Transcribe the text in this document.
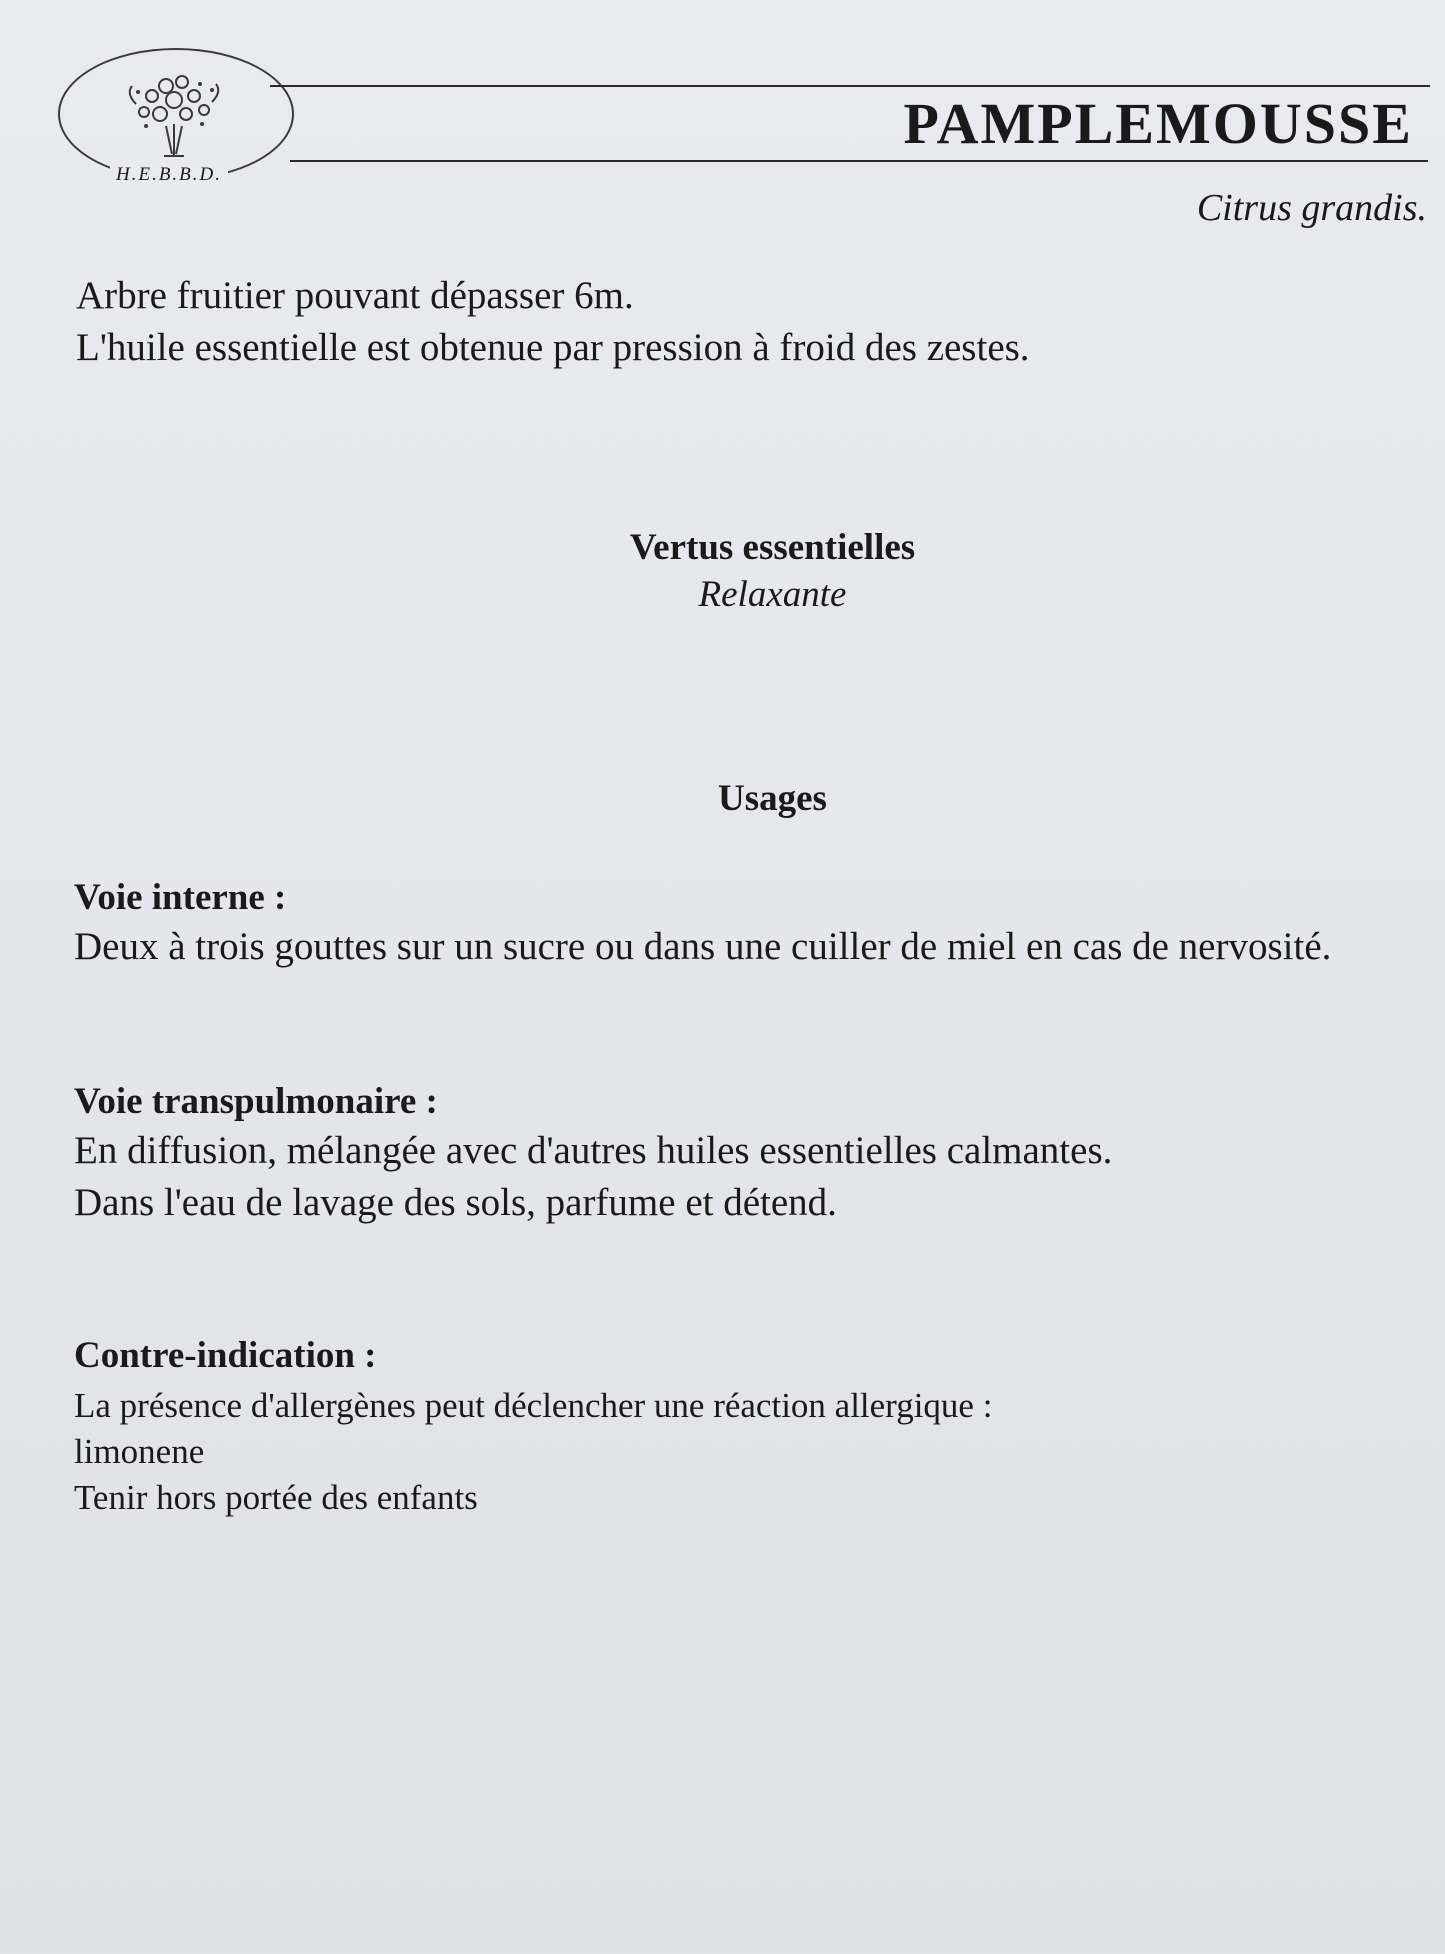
H.E.B.B.D.
PAMPLEMOUSSE
Citrus grandis.
Arbre fruitier pouvant dépasser 6m.
L'huile essentielle est obtenue par pression à froid des zestes.
Vertus essentielles
Relaxante
Usages
Voie interne :
Deux à trois gouttes sur un sucre ou dans une cuiller de miel en cas de nervosité.
Voie transpulmonaire :
En diffusion, mélangée avec d'autres huiles essentielles calmantes.
Dans l'eau de lavage des sols, parfume et détend.
Contre-indication :
La présence d'allergènes peut déclencher une réaction allergique :
limonene
Tenir hors portée des enfants
